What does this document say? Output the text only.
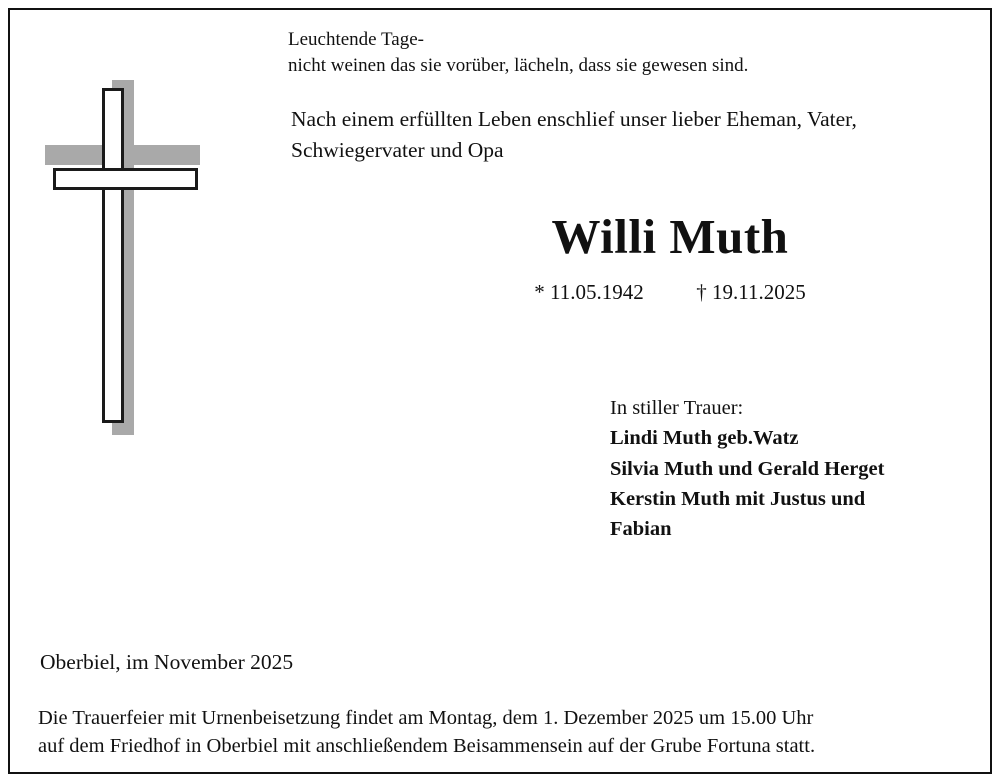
Leuchtende Tage-
nicht weinen das sie vorüber, lächeln, dass sie gewesen sind.
Nach einem erfüllten Leben enschlief unser lieber Eheman, Vater,
Schwiegervater und Opa
Willi Muth
* 11.05.1942	† 19.11.2025
In stiller Trauer:
Lindi Muth geb.Watz
Silvia Muth und Gerald Herget
Kerstin Muth mit Justus und
Fabian
Oberbiel, im November 2025
Die Trauerfeier mit Urnenbeisetzung findet am Montag, dem 1. Dezember 2025 um 15.00 Uhr
auf dem Friedhof in Oberbiel mit anschließendem Beisammensein auf der Grube Fortuna statt.
